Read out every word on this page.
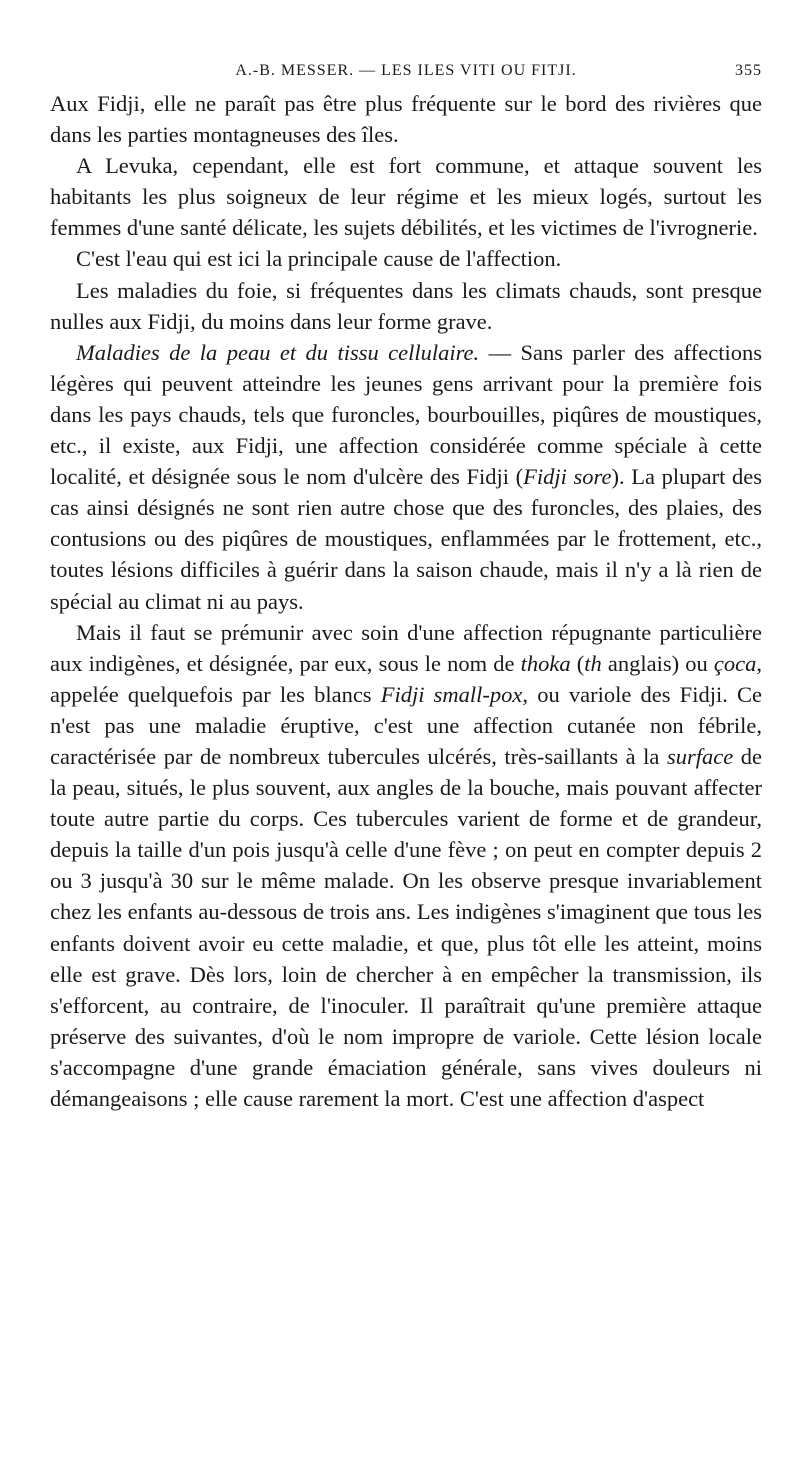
A.-B. MESSER. — LES ILES VITI OU FITJI.	355

Aux Fidji, elle ne paraît pas être plus fréquente sur le bord des rivières que dans les parties montagneuses des îles.

A Levuka, cependant, elle est fort commune, et attaque souvent les habitants les plus soigneux de leur régime et les mieux logés, surtout les femmes d'une santé délicate, les sujets débilités, et les victimes de l'ivrognerie.

C'est l'eau qui est ici la principale cause de l'affection.

Les maladies du foie, si fréquentes dans les climats chauds, sont presque nulles aux Fidji, du moins dans leur forme grave.

Maladies de la peau et du tissu cellulaire. — Sans parler des affections légères qui peuvent atteindre les jeunes gens arrivant pour la première fois dans les pays chauds, tels que furoncles, bourbouilles, piqûres de moustiques, etc., il existe, aux Fidji, une affection considérée comme spéciale à cette localité, et désignée sous le nom d'ulcère des Fidji (Fidji sore). La plupart des cas ainsi désignés ne sont rien autre chose que des furoncles, des plaies, des contusions ou des piqûres de moustiques, enflammées par le frottement, etc., toutes lésions difficiles à guérir dans la saison chaude, mais il n'y a là rien de spécial au climat ni au pays.

Mais il faut se prémunir avec soin d'une affection répugnante particulière aux indigènes, et désignée, par eux, sous le nom de thoka (th anglais) ou çoca, appelée quelquefois par les blancs Fidji small-pox, ou variole des Fidji. Ce n'est pas une maladie éruptive, c'est une affection cutanée non fébrile, caractérisée par de nombreux tubercules ulcérés, très-saillants à la surface de la peau, situés, le plus souvent, aux angles de la bouche, mais pouvant affecter toute autre partie du corps. Ces tubercules varient de forme et de grandeur, depuis la taille d'un pois jusqu'à celle d'une fève ; on peut en compter depuis 2 ou 3 jusqu'à 30 sur le même malade. On les observe presque invariablement chez les enfants au-dessous de trois ans. Les indigènes s'imaginent que tous les enfants doivent avoir eu cette maladie, et que, plus tôt elle les atteint, moins elle est grave. Dès lors, loin de chercher à en empêcher la transmission, ils s'efforcent, au contraire, de l'inoculer. Il paraîtrait qu'une première attaque préserve des suivantes, d'où le nom impropre de variole. Cette lésion locale s'accompagne d'une grande émaciation générale, sans vives douleurs ni démangeaisons ; elle cause rarement la mort. C'est une affection d'aspect
